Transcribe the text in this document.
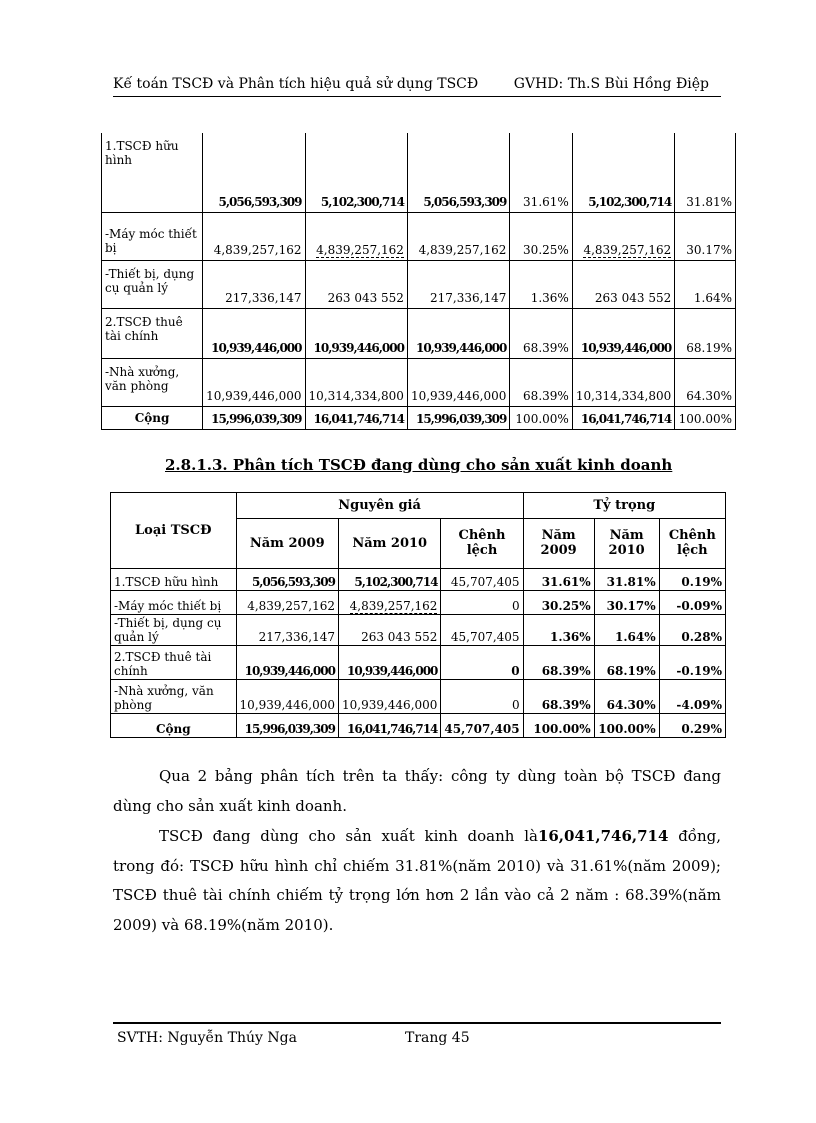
Kế toán TSCĐ và Phân tích hiệu quả sử dụng TSCĐ	GVHD: Th.S Bùi Hồng Điệp
1.TSCĐ hữu hình	5,056,593,309	5,102,300,714	5,056,593,309	31.61%	5,102,300,714	31.81%
-Máy móc thiết bị	4,839,257,162	4,839,257,162	4,839,257,162	30.25%	4,839,257,162	30.17%
-Thiết bị, dụng cụ quản lý	217,336,147	263 043 552	217,336,147	1.36%	263 043 552	1.64%
2.TSCĐ thuê tài chính	10,939,446,000	10,939,446,000	10,939,446,000	68.39%	10,939,446,000	68.19%
-Nhà xưởng, văn phòng	10,939,446,000	10,314,334,800	10,939,446,000	68.39%	10,314,334,800	64.30%
Cộng	15,996,039,309	16,041,746,714	15,996,039,309	100.00%	16,041,746,714	100.00%
2.8.1.3. Phân tích TSCĐ đang dùng cho sản xuất kinh doanh
Loại TSCĐ	Nguyên giá			Tỷ trọng		
	Năm 2009	Năm 2010	Chênh lệch	Năm 2009	Năm 2010	Chênh lệch
1.TSCĐ hữu hình	5,056,593,309	5,102,300,714	45,707,405	31.61%	31.81%	0.19%
-Máy móc thiết bị	4,839,257,162	4,839,257,162	0	30.25%	30.17%	-0.09%
-Thiết bị, dụng cụ quản lý	217,336,147	263 043 552	45,707,405	1.36%	1.64%	0.28%
2.TSCĐ thuê tài chính	10,939,446,000	10,939,446,000	0	68.39%	68.19%	-0.19%
-Nhà xưởng, văn phòng	10,939,446,000	10,939,446,000	0	68.39%	64.30%	-4.09%
Cộng	15,996,039,309	16,041,746,714	45,707,405	100.00%	100.00%	0.29%
Qua 2 bảng phân tích trên ta thấy: công ty dùng toàn bộ TSCĐ đang dùng cho sản xuất kinh doanh.
TSCĐ đang dùng cho sản xuất kinh doanh là16,041,746,714 đồng, trong đó: TSCĐ hữu hình chỉ chiếm 31.81%(năm 2010) và 31.61%(năm 2009); TSCĐ thuê tài chính chiếm tỷ trọng lớn hơn 2 lần vào cả 2 năm : 68.39%(năm 2009) và 68.19%(năm 2010).
SVTH: Nguyễn Thúy Nga	Trang 45
